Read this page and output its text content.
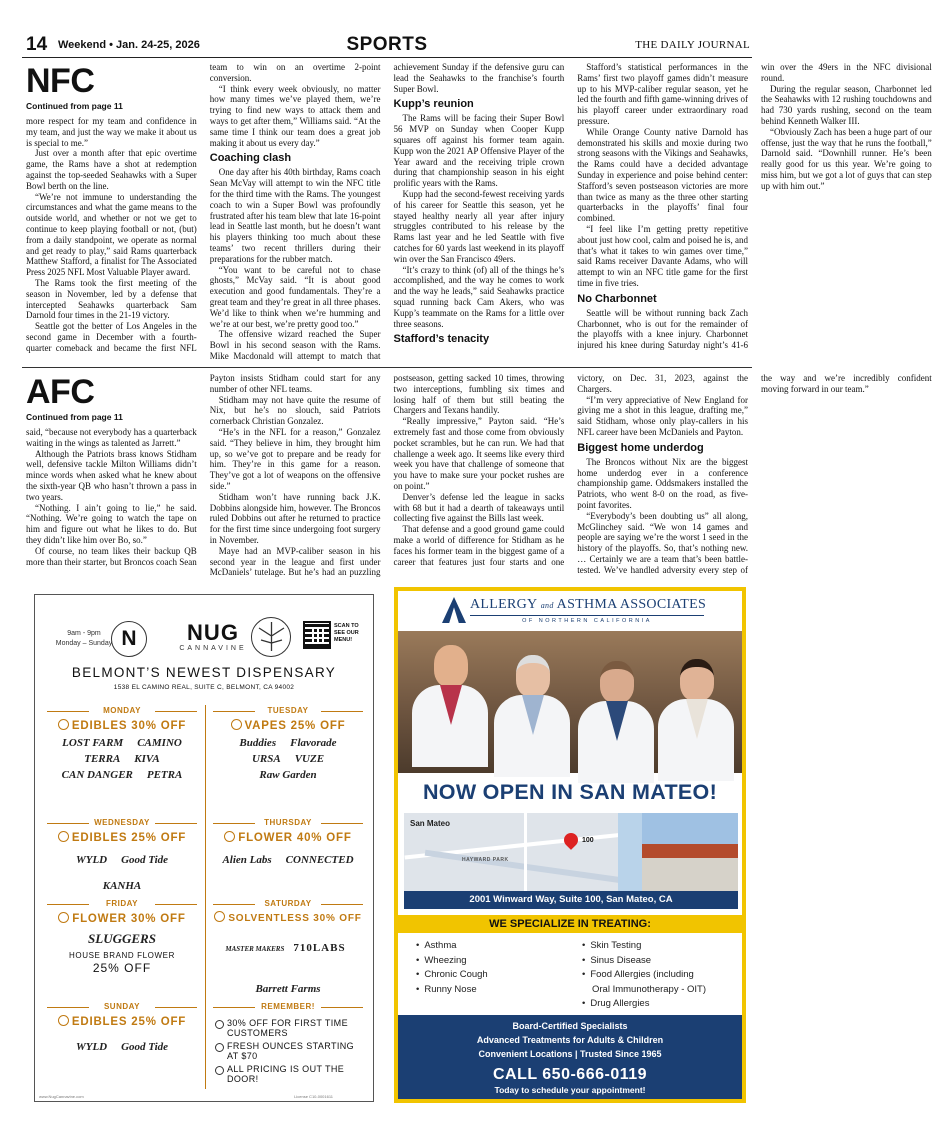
14 Weekend • Jan. 24-25, 2026	SPORTS	THE DAILY JOURNAL
NFC
Continued from page 11

more respect for my team and confidence in my team, and just the way we make it about us is special to me.”

Just over a month after that epic overtime game, the Rams have a shot at redemption against the top-seeded Seahawks with a Super Bowl berth on the line.

“We’re not immune to understanding the circumstances and what the game means to the outside world, and whether or not we get to continue to keep playing football or not, (but) from a daily standpoint, we operate as normal and get ready to play,” said Rams quarterback Matthew Stafford, a finalist for The Associated Press 2025 NFL Most Valuable Player award.

The Rams took the first meeting of the season in November, led by a defense that intercepted Seahawks quarterback Sam Darnold four times in the 21-19 victory.

Seattle got the better of Los Angeles in the second game in December with a fourth-quarter comeback and became the first NFL team to win on an overtime 2-point conversion.

“I think every week obviously, no matter how many times we’ve played them, we’re trying to find new ways to attack them and ways to get after them,” Williams said. “At the same time I think our team does a great job making it about us every day.”

Coaching clash

One day after his 40th birthday, Rams coach Sean McVay will attempt to win the NFC title for the third time with the Rams. The youngest coach to win a Super Bowl was profoundly frustrated after his team blew that late 16-point lead in Seattle last month, but he doesn’t want his players thinking too much about these teams’ two recent thrillers during their preparations for the rubber match.

“You want to be careful not to chase ghosts,” McVay said. “It is about good execution and good fundamentals. They’re a great team and they’re great in all three phases. We’d like to think when we’re humming and we’re at our best, we’re pretty good too.”

The offensive wizard reached the Super Bowl in his second season with the Rams. Mike Macdonald will attempt to match that achievement Sunday if the defensive guru can lead the Seahawks to the franchise’s fourth Super Bowl.

Kupp’s reunion

The Rams will be facing their Super Bowl 56 MVP on Sunday when Cooper Kupp squares off against his former team again. Kupp won the 2021 AP Offensive Player of the Year award and the receiving triple crown during that championship season in his eight prolific years with the Rams.

Kupp had the second-fewest receiving yards of his career for Seattle this season, yet he stayed healthy nearly all year after injury struggles contributed to his release by the Rams last year and he led Seattle with five catches for 60 yards last weekend in its playoff win over the San Francisco 49ers.

“It’s crazy to think (of) all of the things he’s accomplished, and the way he comes to work and the way he leads,” said Seahawks practice squad running back Cam Akers, who was Kupp’s teammate on the Rams for a little over three seasons.

Stafford’s tenacity

Stafford’s statistical performances in the Rams’ first two playoff games didn’t measure up to his MVP-caliber regular season, yet he led the fourth and fifth game-winning drives of his playoff career under extraordinary road pressure.

While Orange County native Darnold has demonstrated his skills and moxie during two strong seasons with the Vikings and Seahawks, the Rams could have a decided advantage Sunday in experience and poise behind center: Stafford’s seven postseason victories are more than twice as many as the three other starting quarterbacks in the playoffs’ final four combined.

“I feel like I’m getting pretty repetitive about just how cool, calm and poised he is, and that’s what it takes to win games over time,” said Rams receiver Davante Adams, who will attempt to win an NFC title game for the first time in five tries.

No Charbonnet

Seattle will be without running back Zach Charbonnet, who is out for the remainder of the playoffs with a knee injury. Charbonnet injured his knee during Saturday night’s 41-6 win over the 49ers in the NFC divisional round.

During the regular season, Charbonnet led the Seahawks with 12 rushing touchdowns and had 730 yards rushing, second on the team behind Kenneth Walker III.

“Obviously Zach has been a huge part of our offense, just the way that he runs the football,” Darnold said. “Downhill runner. He’s been really good for us this year. We’re going to miss him, but we got a lot of guys that can step up with him out.”

AFC
Continued from page 11

said, “because not everybody has a quarterback waiting in the wings as talented as Jarrett.”

Although the Patriots brass knows Stidham well, defensive tackle Milton Williams didn’t mince words when asked what he knew about the sixth-year QB who hasn’t thrown a pass in two years.

“Nothing. I ain’t going to lie,” he said. “Nothing. We’re going to watch the tape on him and figure out what he likes to do. But they didn’t like him over Bo, so.”

Of course, no team likes their backup QB more than their starter, but Broncos coach Sean Payton insists Stidham could start for any number of other NFL teams.

Stidham may not have quite the resume of Nix, but he’s no slouch, said Patriots cornerback Christian Gonzalez.

“He’s in the NFL for a reason,” Gonzalez said. “They believe in him, they brought him up, so we’ve got to prepare and be ready for him. They’re in this game for a reason. They’ve got a lot of weapons on the offensive side.”

Stidham won’t have running back J.K. Dobbins alongside him, however. The Broncos ruled Dobbins out after he returned to practice for the first time since undergoing foot surgery in November.

Maye had an MVP-caliber season in his second year in the league and first under McDaniels’ tutelage. But he’s had an puzzling postseason, getting sacked 10 times, throwing two interceptions, fumbling six times and losing half of them but still beating the Chargers and Texans handily.

“Really impressive,” Payton said. “He’s extremely fast and those come from obviously pocket scrambles, but he can run. We had that challenge a week ago. It seems like every third week you have that challenge of someone that you have to make sure your pocket rushes are on point.”

Denver’s defense led the league in sacks with 68 but it had a dearth of takeaways until collecting five against the Bills last week.

That defense and a good ground game could make a world of difference for Stidham as he faces his former team in the biggest game of a career that features just four starts and one victory, on Dec. 31, 2023, against the Chargers.

“I’m very appreciative of New England for giving me a shot in this league, drafting me,” said Stidham, whose only play-callers in his NFL career have been McDaniels and Payton.

Biggest home underdog

The Broncos without Nix are the biggest home underdog ever in a conference championship game. Oddsmakers installed the Patriots, who went 8-0 on the road, as five-point favorites.

“Everybody’s been doubting us” all along, McGlinchey said. “We won 14 games and people are saying we’re the worst 1 seed in the history of the playoffs. So, that’s nothing new. … Certainly we are a team that’s been battle-tested. We’ve handled adversity every step of the way and we’re incredibly confident moving forward in our team.”

9am - 9pm
Monday – Sunday N	NUG
CANNAVINE
SCAN TO SEE OUR MENU!
BELMONT’S NEWEST DISPENSARY
1538 EL CAMINO REAL, SUITE C, BELMONT, CA 94002
MONDAY
EDIBLES 30% OFF
LOST FARM CAMINO
TERRA KIVA
CAN DANGER PETRA
TUESDAY
VAPES 25% OFF
Buddies Flavorade
URSA VUZE
Raw Garden
WEDNESDAY
EDIBLES 25% OFF
WYLD Good TideKANHA
THURSDAY
FLOWER 40% OFF
Alien Labs CONNECTED
FRIDAY
FLOWER 30% OFF
SLUGGERS
HOUSE BRAND FLOWER
25% OFF
SATURDAY
SOLVENTLESS 30% OFF
MASTER MAKERS 710LABSBarrett Farms
SUNDAY
EDIBLES 25% OFF
WYLD Good Tide
REMEMBER!
30% OFF FOR FIRST TIME CUSTOMERS
FRESH OUNCES STARTING AT $70
ALL PRICING IS OUT THE DOOR!
www.NugCannavine.com	License C10-0001611
ALLERGY and ASTHMA ASSOCIATES
OF NORTHERN CALIFORNIA
NOW OPEN IN SAN MATEO!
San Mateo
HAYWARD PARK
100
2001 Winward Way, Suite 100, San Mateo, CA
WE SPECIALIZE IN TREATING:
• Asthma
• Wheezing
• Chronic Cough
• Runny Nose
• Skin Testing
• Sinus Disease
• Food Allergies (including
Oral Immunotherapy - OIT)
• Drug Allergies
Board-Certified Specialists
Advanced Treatments for Adults & Children
Convenient Locations | Trusted Since 1965
CALL 650-666-0119
Today to schedule your appointment!
